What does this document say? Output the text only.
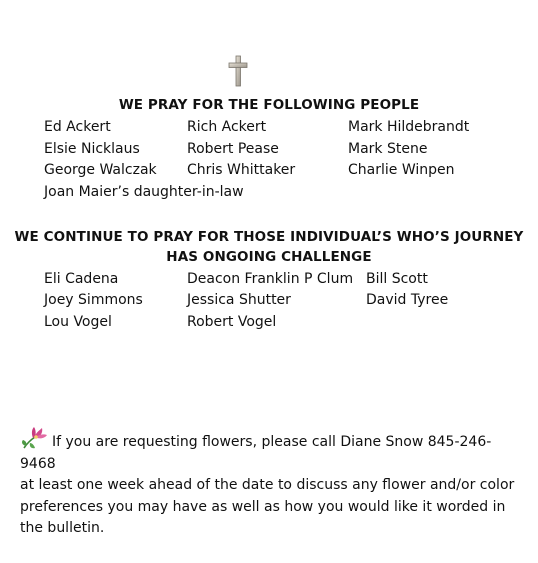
WE PRAY FOR THE FOLLOWING PEOPLE
Ed Ackert
Elsie Nicklaus
George Walczak
Joan Maier’s daughter-in-law
Rich Ackert
Robert Pease
Chris Whittaker
Mark Hildebrandt
Mark Stene
Charlie Winpen
WE CONTINUE TO PRAY FOR THOSE INDIVIDUAL’S WHO’S JOURNEY
HAS ONGOING CHALLENGE
Eli Cadena
Joey Simmons
Lou Vogel
Deacon Franklin P Clum
Jessica Shutter
Robert Vogel
Bill Scott
David Tyree
If you are requesting flowers, please call Diane Snow 845-246-9468
at least one week ahead of the date to discuss any flower and/or color
preferences you may have as well as how you would like it worded in
the bulletin.
